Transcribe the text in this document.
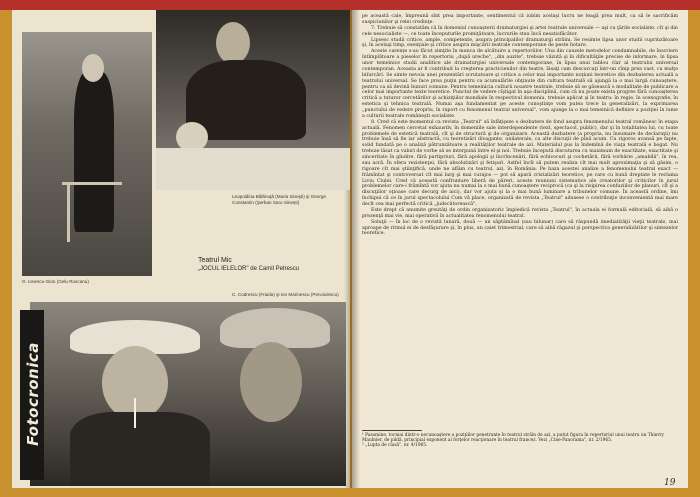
G. Ionescu-Gion (Gelu Ruscanu)
Leopoldina Bălănuţă (Maria Sineşti) şi George Constantin (Şerban Saru Sinești)
Teatrul Mic
„JOCUL IELELOR" de Camil Petrescu
C. Codrescu (Fraida) şi Ion Marinescu (Penciulescu)
Fotocronica

pe această cale, împreună sînt prea importante, sentimentul că iubim acelaşi lucru ne leagă prea mult, ca să le sacrificăm suspiciunilor şi relei credinţe.

7. Trebuie să constatăm că în domeniul cunoaşterii dramaturgiei şi artei teatrale universale — aşi cu ţările socialiste, cît şi din cele nesocialiste —, ce toate începuturile promiţătoare, lucrurile stau încă nesatisfăcător.

Lipsesc studii critice, ample, competente, asupra principalilor dramaturgi străini. Se resimte lipsa unor studii cuprinzătoare şi, în acelaşi timp, esenţiale şi critice asupra mişcării teatrale contemporane de peste hotare.

Aceste carenţe s-au făcut simţite în munca de alcătuire a repertoriilor. Una din cauzele metodelor condamnabile, de înscriere întîmplătoare a pieselor în repertoriu „după ureche", „din auzite", trebuie văzută şi în dificultăţile precise de informare, în lipsa unor temeinice studii analitice ale dramaturgiei universale contemporane, în lipsa unui tablou clar al teatrului universal contemporan. Aceasta ar fi contribuit la creşterea practicienilor din teatre, lăsaţi cam descurcaţi într-un cîmp prea vast, cu mulţe bifurcări. Se simte nevoia unei prezentări scrutatoare şi critice a celor mai importante noţiuni teoretice din dezbaterea actuală a teatrului universal. Se face prea puţin pentru ca acumulările obţinute din cultura teatrală să ajungă la o mai largă cunoaştere, pentru ca să devină bunuri comune. Pentru temeinicia culturii noastre teatrale, trebuie să se găsească o modalitate de publicare a celor mai importante texte teoretice. Punctul de vedere cîştigat în aşa disciplină, cum că nu poate exista progres fără cunoaşterea critică a tuturor cercetărilor şi achiziţiilor mondiale în respectivul domeniu, trebuie aplicat şi în teatru: în regie, în scenografie, în estetica şi tehnica teatrală. Numai aşa fundamentat pe aceste cunoştinţe vom putea trece la generalizări, la exprimarea „punctului de vedere propriu, în raport cu fenomenul teatral universal", vom ajunge la o mai temeinică definire a poziţiei în lume a culturii teatrale româneşti socialiste.

8. Cred că este momentul ca revista „Teatrul" să înfăţişeze o dezbatere de fond asupra fenomenului teatral românesc în etapa actuală. Fenomen cercetat exhaustiv, în domeniile sale interdependente (text, spectacol, public), dar şi în totalitatea lui, cu toate problemele de estetică teatrală, cît şi de structură şi de organizare. Această dezbatere (a propria, nu însumare de declaraţii) nu trebuie însă să fie iar abstractă, cu teoretizări divagante, unilaterale, ca alte discuţii de pînă acum. Cu rigoros avansă pe fapte, solid fundată pe o analiză pătrunzătoare a realităţilor teatrale de azi. Materialul pus la îndemînă de viaţa teatrală e bogat. Nu trebuie lăsat ca valuri de vorbe să se interpună între el şi noi. Trebuie începută discutarea cu maximum de exactitate, exactitate şi sinceritate în gîndire, fără partipriuri, fără apologii şi încrîncenări, fără echivocuri şi cochetării, fără vorbărie „amabilă", în rea, sau acră. În sfera rezistenţei, fără absolutizări şi fetişuri. Astfel încît să putem realiza cît mai mult aproximaţia şi să găsim, o rigoare cît mai ştiinţifică, unde ne aflăm cu teatrul, azi, în România. Pe baza acestei analize a fenomenului teatral exact — frămîntat şi controversat cît mai larg şi mai curajos — pot să apară cristalizări teoretice, pe care cu bună dreptate le reclama Liviu Ciulei. Cred că această confruntare liberă de păreri, aceste reuniuni sistematice ale creatorilor şi criticilor în jurul problemelor care-i frămîntă vor ajuta nu numai la o mai bună cunoaştere reciprocă (ca şi la risipirea confuziilor de planuri, cît şi a discuţiilor oţioase care decurg de aici), dar vor ajuta şi la o mai bună luminare a tribunelor comune. În această ordine, îmi închipui că ce în jurul spectacolului Cum vă place, organizată de revista „Teatrul" adusese o contribuţie inconvenientă mai mare decît cea mai perfectă critică „judecătorească".

Este drept că anumite greutăţi de ordin organizatoric împiedică revista „Teatrul", în actuala ei formulă editorială, să aibă o prezenţă mai vie, mai operativă în actualitatea fenomenului teatral.

Soluţii — în loc de o revistă lunară, două — un săptămînal (sau bilunar) care să răspundă imediatităţii vieţii teatrale, mai aproape de ritmul ei de desfăşurare şi, în plus, un caiet trimestrial, care să aibă răgazul şi perspectiva generalizărilor şi sintezelor teoretice.

¹ Pasamine, tocmai dintr-o necunoaştere a poziţiilor penetrante în teatrul străin de azi, a putut figura în repertoriul unui teatru un Thierry Maulnier, de pildă, principial exponent al forţelor reacţionare în teatrul francez. Vezi „Cine-Panorama", nr. 2/1965.

² „Lupta de clasă", nr. 4/1965.

19
